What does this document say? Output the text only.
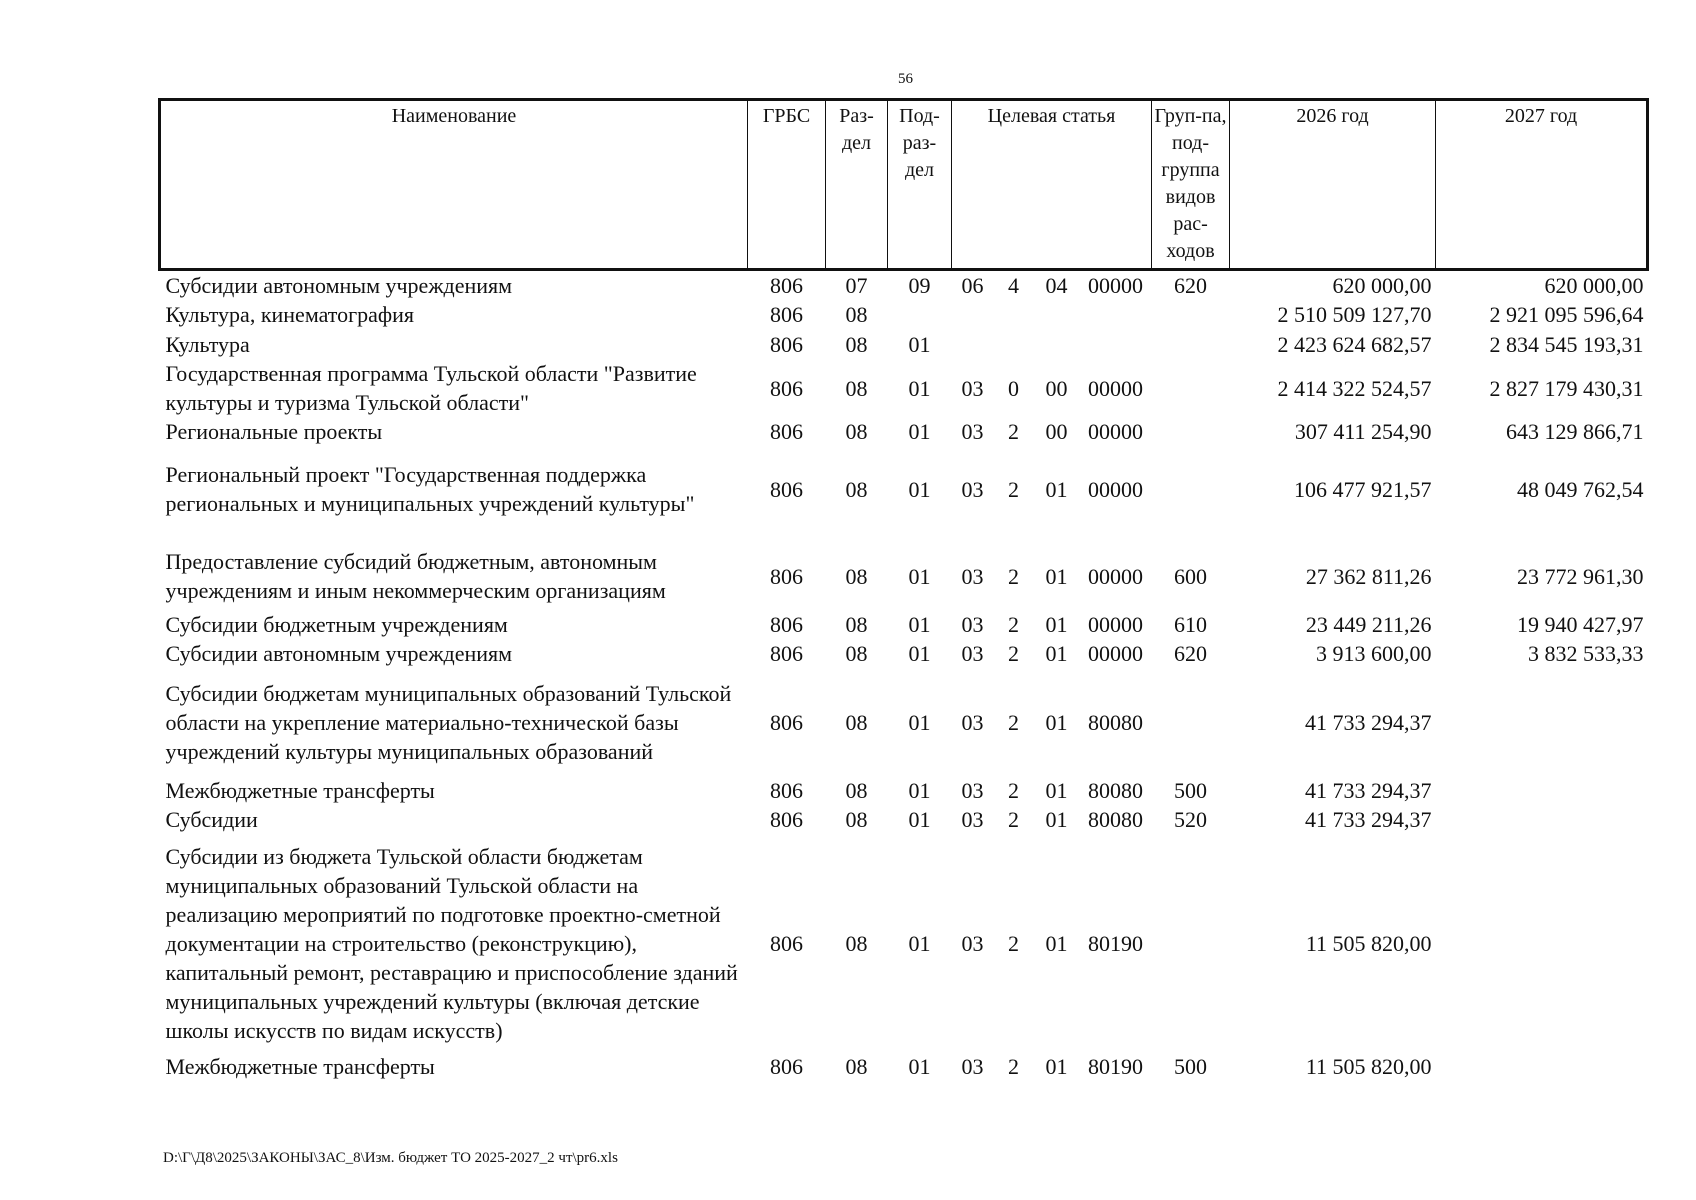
56
Наименование	ГРБС	Раз-дел	Под-раз-дел	Целевая статья				Груп-па, под-группа видов рас-ходов	2026 год	2027 год
Субсидии автономным учреждениям	806	07	09	06	4	04	00000	620	620 000,00	620 000,00
Культура, кинематография	806	08							2 510 509 127,70	2 921 095 596,64
Культура	806	08	01						2 423 624 682,57	2 834 545 193,31
Государственная программа Тульской области "Развитие культуры и туризма Тульской области"	806	08	01	03	0	00	00000		2 414 322 524,57	2 827 179 430,31
Региональные проекты	806	08	01	03	2	00	00000		307 411 254,90	643 129 866,71
Региональный проект "Государственная поддержка региональных и муниципальных учреждений культуры"	806	08	01	03	2	01	00000		106 477 921,57	48 049 762,54
Предоставление субсидий бюджетным, автономным учреждениям и иным некоммерческим организациям	806	08	01	03	2	01	00000	600	27 362 811,26	23 772 961,30
Субсидии бюджетным учреждениям	806	08	01	03	2	01	00000	610	23 449 211,26	19 940 427,97
Субсидии автономным учреждениям	806	08	01	03	2	01	00000	620	3 913 600,00	3 832 533,33
Субсидии бюджетам муниципальных образований Тульской области на укрепление материально-технической базы учреждений культуры муниципальных образований	806	08	01	03	2	01	80080		41 733 294,37	
Межбюджетные трансферты	806	08	01	03	2	01	80080	500	41 733 294,37	
Субсидии	806	08	01	03	2	01	80080	520	41 733 294,37	
Субсидии из бюджета Тульской области бюджетам муниципальных образований Тульской области на реализацию мероприятий по подготовке проектно-сметной документации на строительство (реконструкцию), капитальный ремонт, реставрацию и приспособление зданий муниципальных учреждений культуры (включая детские школы искусств по видам искусств)	806	08	01	03	2	01	80190		11 505 820,00	
Межбюджетные трансферты	806	08	01	03	2	01	80190	500	11 505 820,00	
D:\Г\Д8\2025\ЗАКОНЫ\ЗАС_8\Изм. бюджет ТО 2025-2027_2 чт\pr6.xls
